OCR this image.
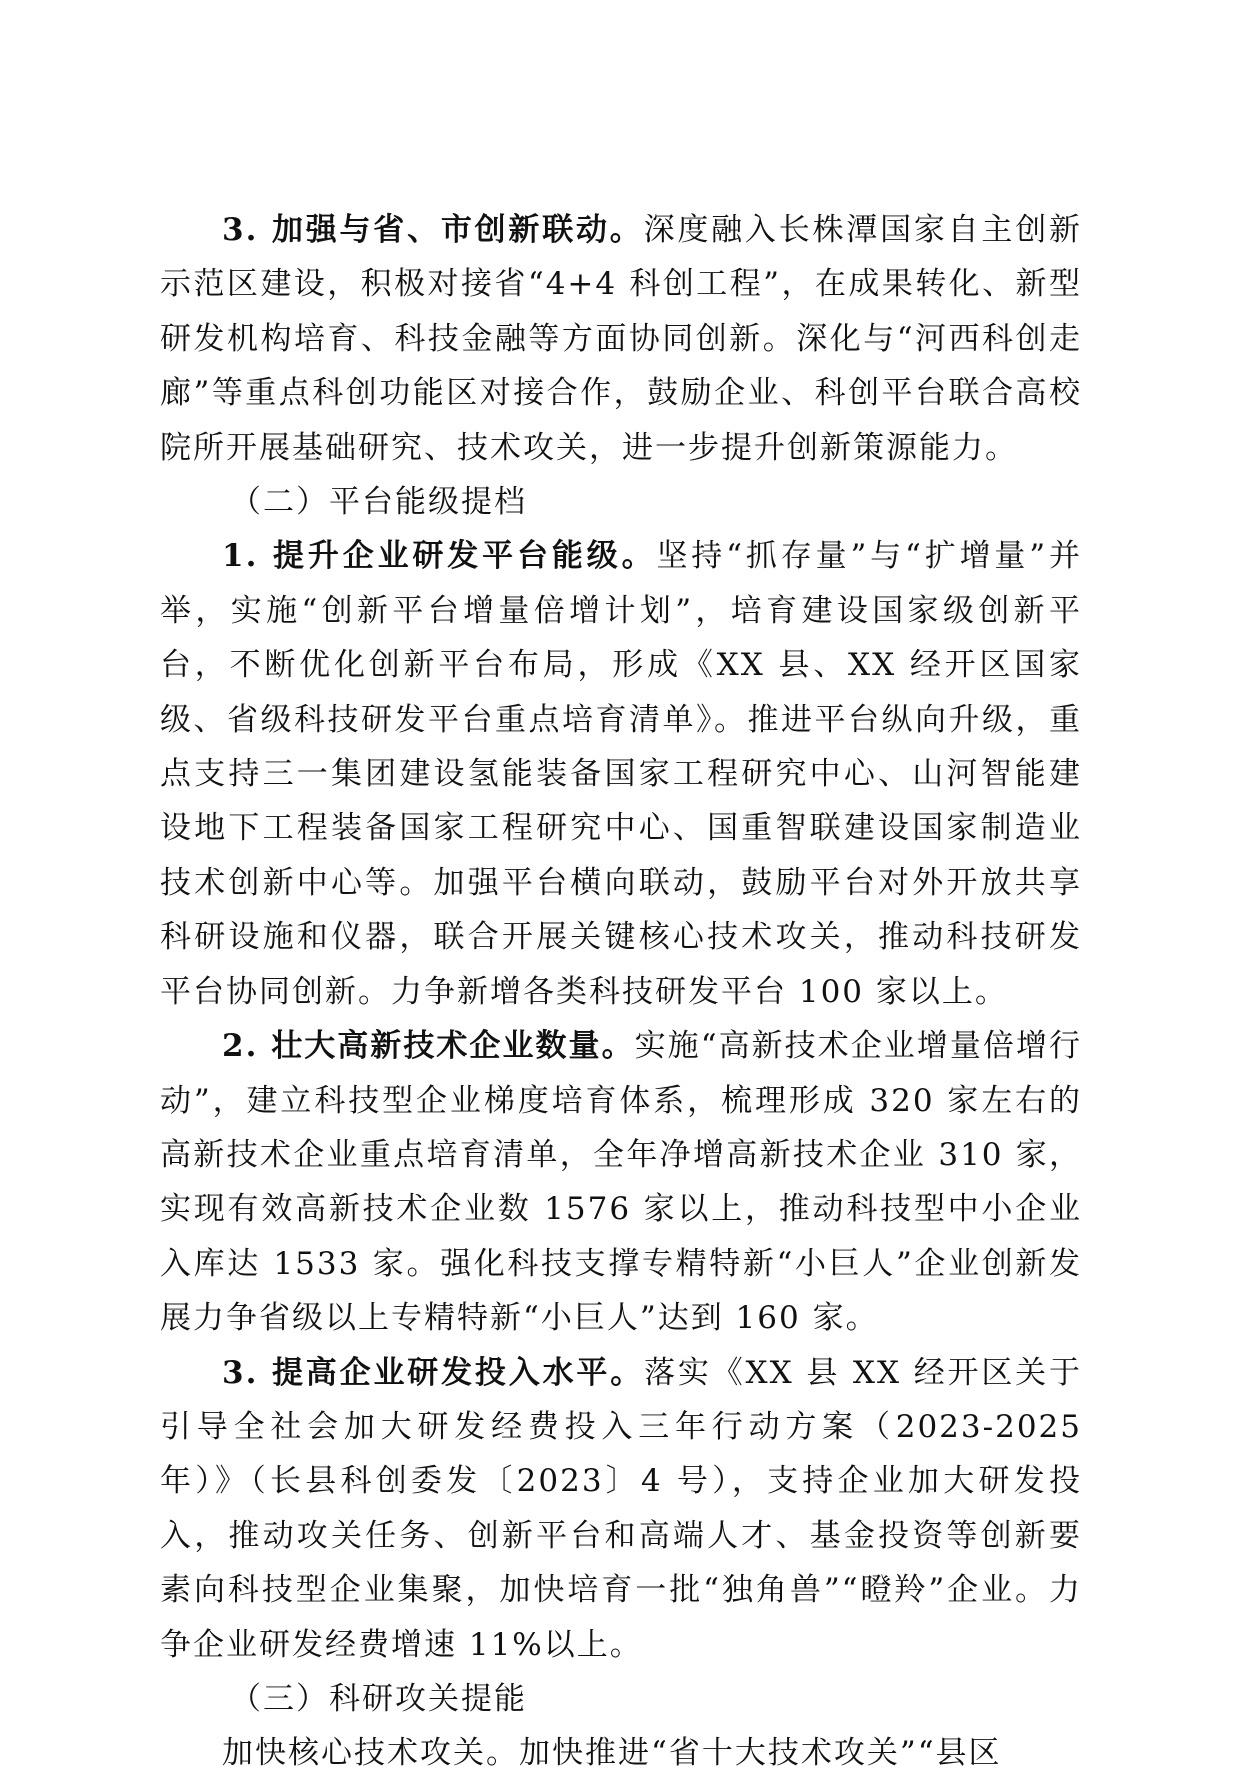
3. 加强与省、市创新联动。深度融入长株潭国家自主创新示范区建设，积极对接省“4+4 科创工程”，在成果转化、新型研发机构培育、科技金融等方面协同创新。深化与“河西科创走廊”等重点科创功能区对接合作，鼓励企业、科创平台联合高校院所开展基础研究、技术攻关，进一步提升创新策源能力。

（二）平台能级提档

1. 提升企业研发平台能级。坚持“抓存量”与“扩增量”并举，实施“创新平台增量倍增计划”，培育建设国家级创新平台，不断优化创新平台布局，形成《XX 县、XX 经开区国家级、省级科技研发平台重点培育清单》。推进平台纵向升级，重点支持三一集团建设氢能装备国家工程研究中心、山河智能建设地下工程装备国家工程研究中心、国重智联建设国家制造业技术创新中心等。加强平台横向联动，鼓励平台对外开放共享科研设施和仪器，联合开展关键核心技术攻关，推动科技研发平台协同创新。力争新增各类科技研发平台 100 家以上。

2. 壮大高新技术企业数量。实施“高新技术企业增量倍增行动”，建立科技型企业梯度培育体系，梳理形成 320 家左右的高新技术企业重点培育清单，全年净增高新技术企业 310 家，实现有效高新技术企业数 1576 家以上，推动科技型中小企业入库达 1533 家。强化科技支撑专精特新“小巨人”企业创新发展力争省级以上专精特新“小巨人”达到 160 家。

3. 提高企业研发投入水平。落实《XX 县 XX 经开区关于引导全社会加大研发经费投入三年行动方案（2023-2025 年）》（长县科创委发〔2023〕4 号），支持企业加大研发投入，推动攻关任务、创新平台和高端人才、基金投资等创新要素向科技型企业集聚，加快培育一批“独角兽”“瞪羚”企业。力争企业研发经费增速 11%以上。

（三）科研攻关提能

加快核心技术攻关。加快推进“省十大技术攻关”“县区
